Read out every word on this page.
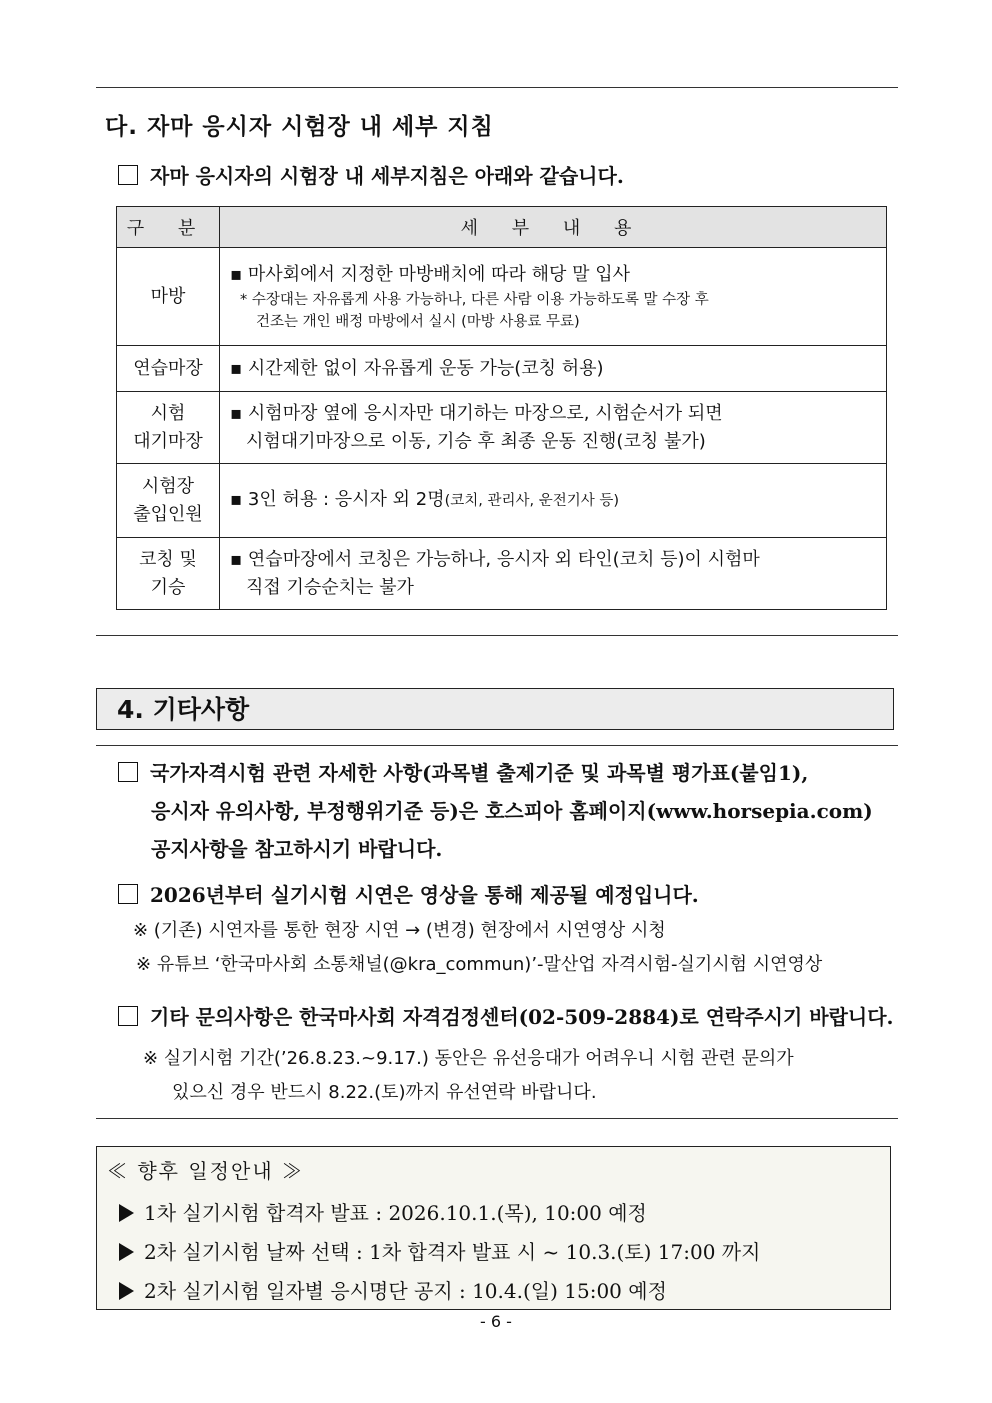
다. 자마 응시자 시험장 내 세부 지침
자마 응시자의 시험장 내 세부지침은 아래와 같습니다.
구 분	세 부 내 용
마방	▪ 마사회에서 지정한 마방배치에 따라 해당 말 입사
* 수장대는 자유롭게 사용 가능하나, 다른 사람 이용 가능하도록 말 수장 후
건조는 개인 배정 마방에서 실시 (마방 사용료 무료)

연습마장	▪ 시간제한 없이 자유롭게 운동 가능(코칭 허용)
시험
대기마장	▪ 시험마장 옆에 응시자만 대기하는 마장으로, 시험순서가 되면
시험대기마장으로 이동, 기승 후 최종 운동 진행(코칭 불가)

시험장
출입인원	▪ 3인 허용 : 응시자 외 2명(코치, 관리사, 운전기사 등)
코칭 및
기승	▪ 연습마장에서 코칭은 가능하나, 응시자 외 타인(코치 등)이 시험마
직접 기승순치는 불가
4. 기타사항
국가자격시험 관련 자세한 사항(과목별 출제기준 및 과목별 평가표(붙임1),
응시자 유의사항, 부정행위기준 등)은 호스피아 홈페이지(www.horsepia.com)
공지사항을 참고하시기 바랍니다.
2026년부터 실기시험 시연은 영상을 통해 제공될 예정입니다.
※ (기존) 시연자를 통한 현장 시연 → (변경) 현장에서 시연영상 시청
※ 유튜브 ‘한국마사회 소통채널(@kra_commun)’-말산업 자격시험-실기시험 시연영상
기타 문의사항은 한국마사회 자격검정센터(02-509-2884)로 연락주시기 바랍니다.
※ 실기시험 기간(’26.8.23.~9.17.) 동안은 유선응대가 어려우니 시험 관련 문의가
있으신 경우 반드시 8.22.(토)까지 유선연락 바랍니다.
≪ 향후 일정안내 ≫
1차 실기시험 합격자 발표 : 2026.10.1.(목), 10:00 예정
2차 실기시험 날짜 선택 : 1차 합격자 발표 시 ~ 10.3.(토) 17:00 까지
2차 실기시험 일자별 응시명단 공지 : 10.4.(일) 15:00 예정
- 6 -
